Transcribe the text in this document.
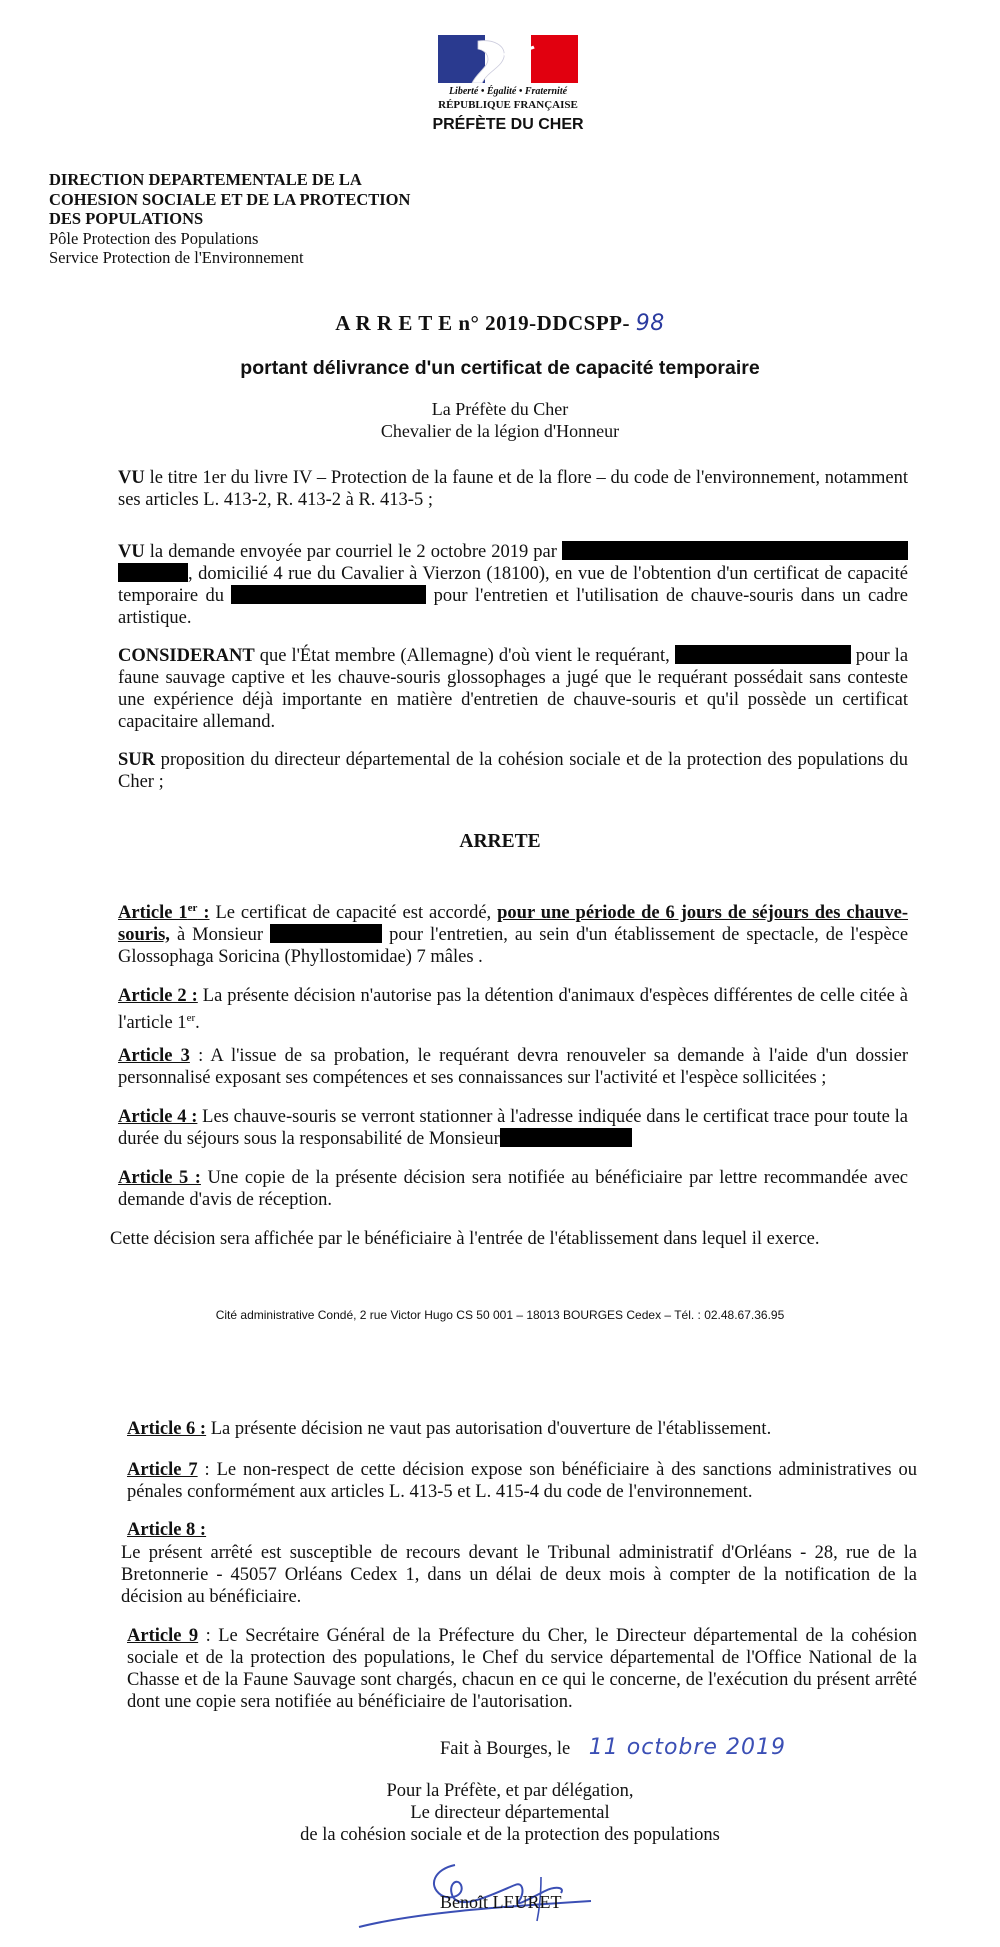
Liberté • Égalité • Fraternité
RÉPUBLIQUE FRANÇAISE
PRÉFÈTE DU CHER
DIRECTION DEPARTEMENTALE DE LA
COHESION SOCIALE ET DE LA PROTECTION
DES POPULATIONS
Pôle Protection des Populations
Service Protection de l'Environnement
A R R E T E n° 2019-DDCSPP- 98
portant délivrance d'un certificat de capacité temporaire
La Préfète du Cher
Chevalier de la légion d'Honneur
VU le titre 1er du livre IV – Protection de la faune et de la flore – du code de l'environnement, notamment ses articles L. 413-2, R. 413-2 à R. 413-5 ;
VU la demande envoyée par courriel le 2 octobre 2019 par  , domicilié 4 rue du Cavalier à Vierzon (18100), en vue de l'obtention d'un certificat de capacité temporaire du	pour l'entretien et l'utilisation de chauve-souris dans un cadre artistique.
CONSIDERANT que l'État membre (Allemagne) d'où vient le requérant,	pour la faune sauvage captive et les chauve-souris glossophages a jugé que le requérant possédait sans conteste une expérience déjà importante en matière d'entretien de chauve-souris et qu'il possède un certificat capacitaire allemand.
SUR proposition du directeur départemental de la cohésion sociale et de la protection des populations du Cher ;
ARRETE
Article 1er : Le certificat de capacité est accordé, pour une période de 6 jours de séjours des chauve-souris, à Monsieur	pour l'entretien, au sein d'un établissement de spectacle, de l'espèce Glossophaga Soricina (Phyllostomidae) 7 mâles .
Article 2 : La présente décision n'autorise pas la détention d'animaux d'espèces différentes de celle citée à l'article 1er.
Article 3 : A l'issue de sa probation, le requérant devra renouveler sa demande à l'aide d'un dossier personnalisé exposant ses compétences et ses connaissances sur l'activité et l'espèce sollicitées ;
Article 4 : Les chauve-souris se verront stationner à l'adresse indiquée dans le certificat trace pour toute la durée du séjours sous la responsabilité de Monsieur
Article 5 : Une copie de la présente décision sera notifiée au bénéficiaire par lettre recommandée avec demande d'avis de réception.
Cette décision sera affichée par le bénéficiaire à l'entrée de l'établissement dans lequel il exerce.
Cité administrative Condé, 2 rue Victor Hugo CS 50 001 – 18013 BOURGES Cedex – Tél. : 02.48.67.36.95
Article 6 : La présente décision ne vaut pas autorisation d'ouverture de l'établissement.
Article 7 : Le non-respect de cette décision expose son bénéficiaire à des sanctions administratives ou pénales conformément aux articles L. 413-5 et L. 415-4 du code de l'environnement.
Article 8 :
Le présent arrêté est susceptible de recours devant le Tribunal administratif d'Orléans - 28, rue de la Bretonnerie - 45057 Orléans Cedex 1, dans un délai de deux mois à compter de la notification de la décision au bénéficiaire.
Article 9 : Le Secrétaire Général de la Préfecture du Cher, le Directeur départemental de la cohésion sociale et de la protection des populations, le Chef du service départemental de l'Office National de la Chasse et de la Faune Sauvage sont chargés, chacun en ce qui le concerne, de l'exécution du présent arrêté dont une copie sera notifiée au bénéficiaire de l'autorisation.
Fait à Bourges, le 11 octobre 2019
Pour la Préfète, et par délégation,
Le directeur départemental
de la cohésion sociale et de la protection des populations
Benoît LEURET
